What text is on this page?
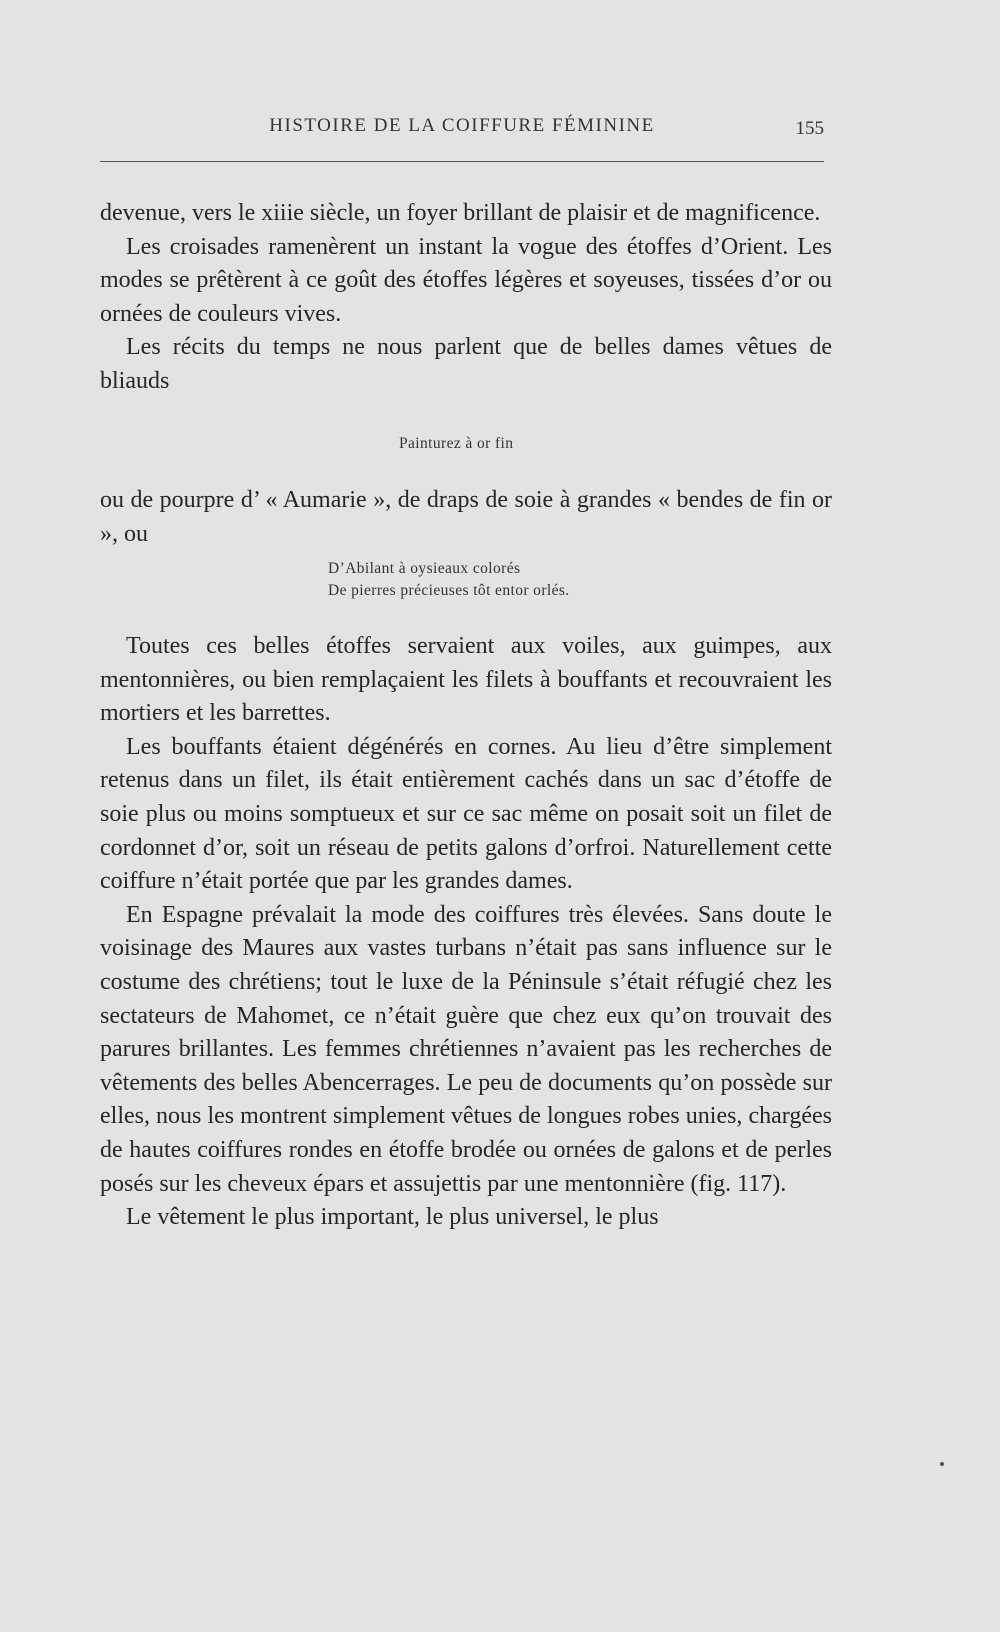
HISTOIRE DE LA COIFFURE FÉMININE	155

devenue, vers le xiiie siècle, un foyer brillant de plaisir et de magnificence.

Les croisades ramenèrent un instant la vogue des étoffes d’Orient. Les modes se prêtèrent à ce goût des étoffes légères et soyeuses, tissées d’or ou ornées de couleurs vives.

Les récits du temps ne nous parlent que de belles dames vêtues de bliauds

Painturez à or fin

ou de pourpre d’ « Aumarie », de draps de soie à grandes « bendes de fin or », ou

D’Abilant à oysieaux colorés
De pierres précieuses tôt entor orlés.

Toutes ces belles étoffes servaient aux voiles, aux guimpes, aux mentonnières, ou bien remplaçaient les filets à bouffants et recouvraient les mortiers et les barrettes.

Les bouffants étaient dégénérés en cornes. Au lieu d’être simplement retenus dans un filet, ils était entièrement cachés dans un sac d’étoffe de soie plus ou moins somptueux et sur ce sac même on posait soit un filet de cordonnet d’or, soit un réseau de petits galons d’orfroi. Naturellement cette coiffure n’était portée que par les grandes dames.

En Espagne prévalait la mode des coiffures très élevées. Sans doute le voisinage des Maures aux vastes turbans n’était pas sans influence sur le costume des chrétiens; tout le luxe de la Péninsule s’était réfugié chez les sectateurs de Mahomet, ce n’était guère que chez eux qu’on trouvait des parures brillantes. Les femmes chrétiennes n’avaient pas les recherches de vêtements des belles Abencerrages. Le peu de documents qu’on possède sur elles, nous les montrent simplement vêtues de longues robes unies, chargées de hautes coiffures rondes en étoffe brodée ou ornées de galons et de perles posés sur les cheveux épars et assujettis par une mentonnière (fig. 117).

Le vêtement le plus important, le plus universel, le plus
